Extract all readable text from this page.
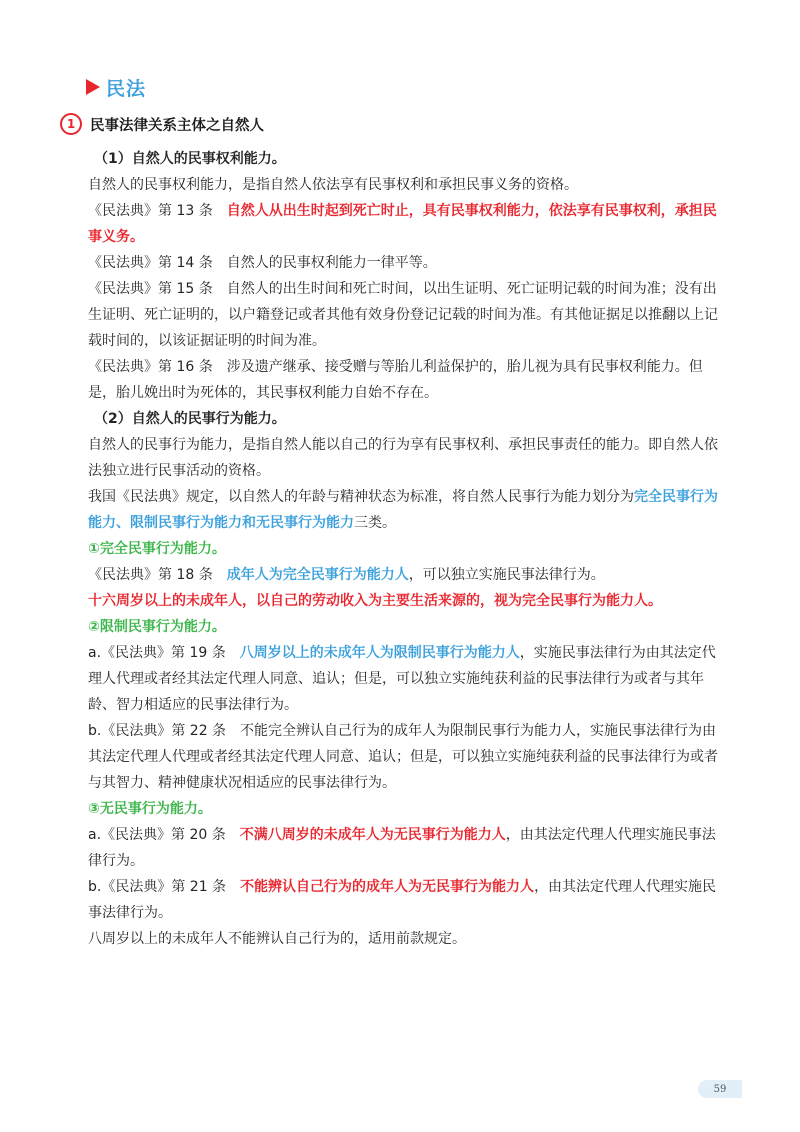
民法
1	民事法律关系主体之自然人

（1）自然人的民事权利能力。

自然人的民事权利能力，是指自然人依法享有民事权利和承担民事义务的资格。

《民法典》第 13 条　自然人从出生时起到死亡时止，具有民事权利能力，依法享有民事权利，承担民事义务。

《民法典》第 14 条　自然人的民事权利能力一律平等。

《民法典》第 15 条　自然人的出生时间和死亡时间，以出生证明、死亡证明记载的时间为准；没有出生证明、死亡证明的，以户籍登记或者其他有效身份登记记载的时间为准。有其他证据足以推翻以上记载时间的，以该证据证明的时间为准。

《民法典》第 16 条　涉及遗产继承、接受赠与等胎儿利益保护的，胎儿视为具有民事权利能力。但是，胎儿娩出时为死体的，其民事权利能力自始不存在。

（2）自然人的民事行为能力。

自然人的民事行为能力，是指自然人能以自己的行为享有民事权利、承担民事责任的能力。即自然人依法独立进行民事活动的资格。

我国《民法典》规定，以自然人的年龄与精神状态为标准，将自然人民事行为能力划分为完全民事行为能力、限制民事行为能力和无民事行为能力三类。

①完全民事行为能力。

《民法典》第 18 条　成年人为完全民事行为能力人，可以独立实施民事法律行为。

十六周岁以上的未成年人，以自己的劳动收入为主要生活来源的，视为完全民事行为能力人。

②限制民事行为能力。

a.《民法典》第 19 条　八周岁以上的未成年人为限制民事行为能力人，实施民事法律行为由其法定代理人代理或者经其法定代理人同意、追认；但是，可以独立实施纯获利益的民事法律行为或者与其年龄、智力相适应的民事法律行为。

b.《民法典》第 22 条　不能完全辨认自己行为的成年人为限制民事行为能力人，实施民事法律行为由其法定代理人代理或者经其法定代理人同意、追认；但是，可以独立实施纯获利益的民事法律行为或者与其智力、精神健康状况相适应的民事法律行为。

③无民事行为能力。

a.《民法典》第 20 条　不满八周岁的未成年人为无民事行为能力人，由其法定代理人代理实施民事法律行为。

b.《民法典》第 21 条　不能辨认自己行为的成年人为无民事行为能力人，由其法定代理人代理实施民事法律行为。

八周岁以上的未成年人不能辨认自己行为的，适用前款规定。

59
